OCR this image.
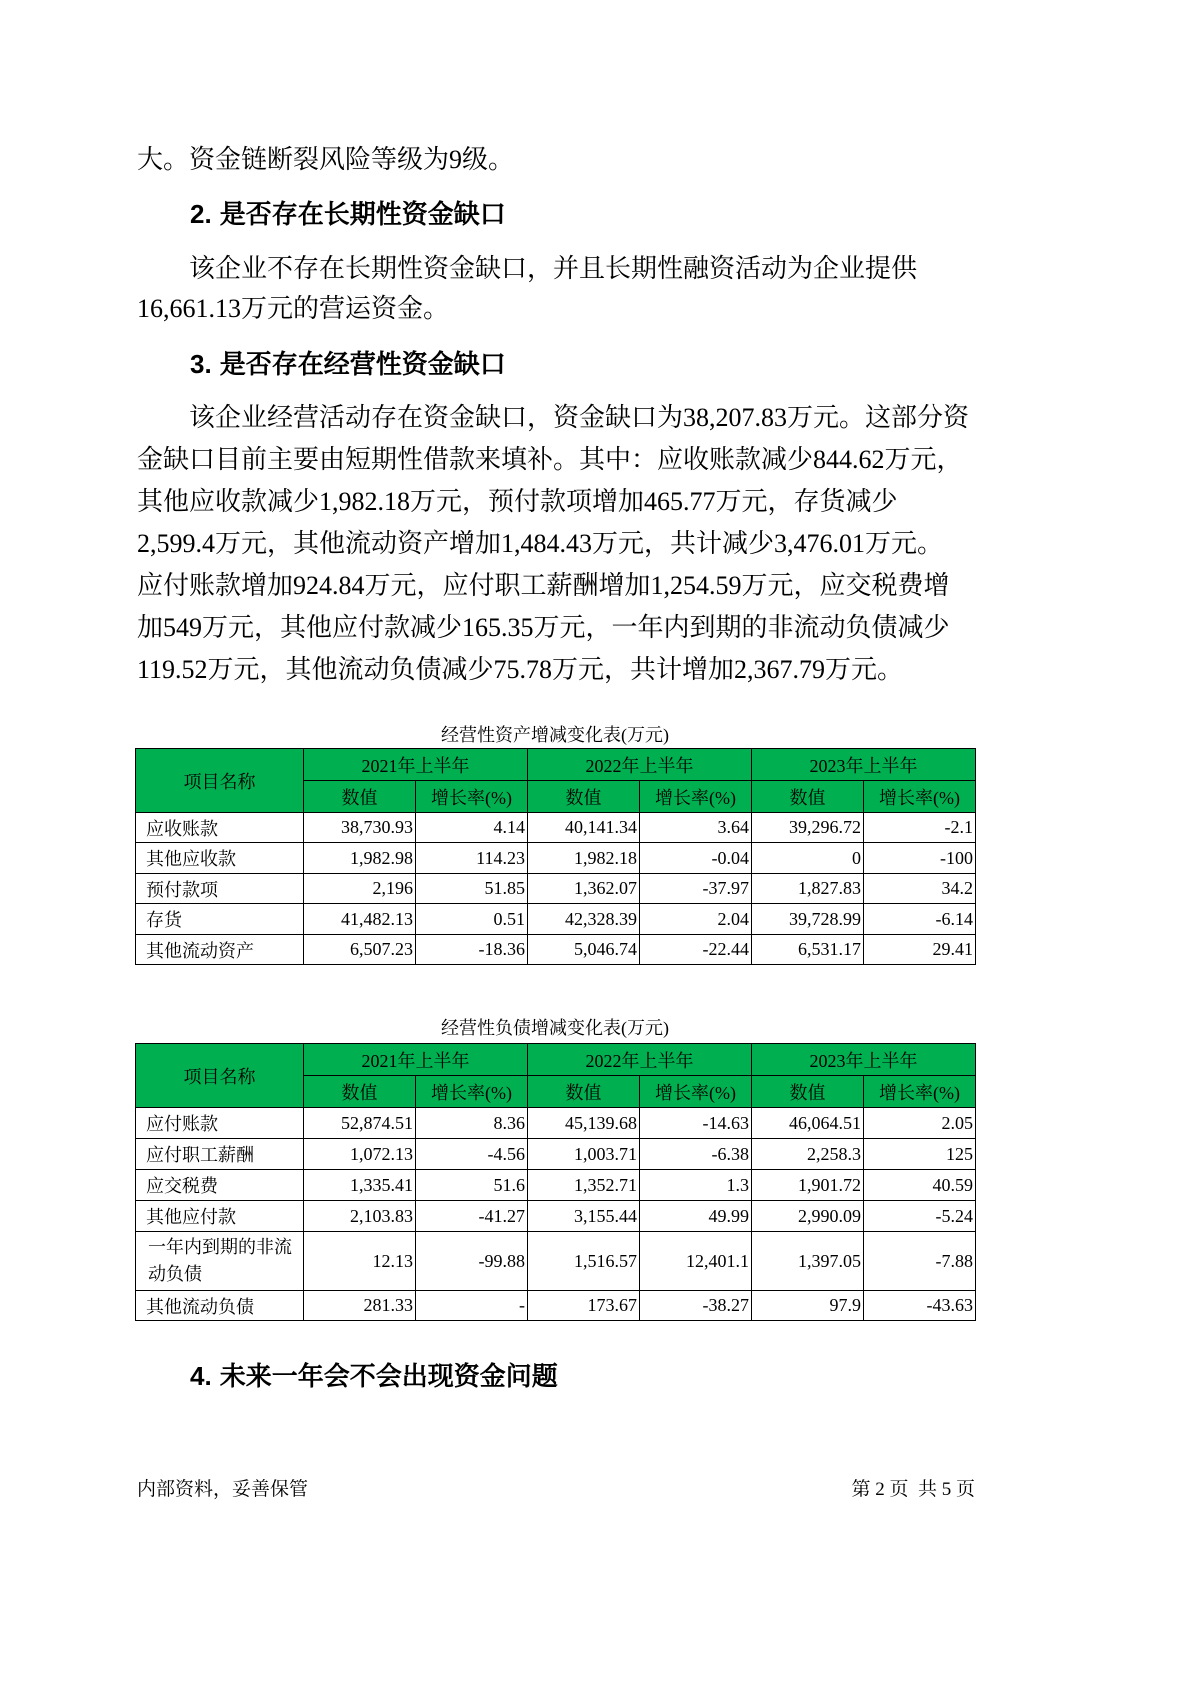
大。资金链断裂风险等级为9级。
2. 是否存在长期性资金缺口
该企业不存在长期性资金缺口，并且长期性融资活动为企业提供
16,661.13万元的营运资金。
3. 是否存在经营性资金缺口
该企业经营活动存在资金缺口，资金缺口为38,207.83万元。这部分资
金缺口目前主要由短期性借款来填补。其中：应收账款减少844.62万元，
其他应收款减少1,982.18万元，预付款项增加465.77万元，存货减少
2,599.4万元，其他流动资产增加1,484.43万元，共计减少3,476.01万元。
应付账款增加924.84万元，应付职工薪酬增加1,254.59万元，应交税费增
加549万元，其他应付款减少165.35万元，一年内到期的非流动负债减少
119.52万元，其他流动负债减少75.78万元，共计增加2,367.79万元。
经营性资产增减变化表(万元)
项目名称	2021年上半年		2022年上半年		2023年上半年	
	数值	增长率(%)	数值	增长率(%)	数值	增长率(%)
应收账款	38,730.93	4.14	40,141.34	3.64	39,296.72	-2.1
其他应收款	1,982.98	114.23	1,982.18	-0.04	0	-100
预付款项	2,196	51.85	1,362.07	-37.97	1,827.83	34.2
存货	41,482.13	0.51	42,328.39	2.04	39,728.99	-6.14
其他流动资产	6,507.23	-18.36	5,046.74	-22.44	6,531.17	29.41
经营性负债增减变化表(万元)
项目名称	2021年上半年		2022年上半年		2023年上半年	
	数值	增长率(%)	数值	增长率(%)	数值	增长率(%)
应付账款	52,874.51	8.36	45,139.68	-14.63	46,064.51	2.05
应付职工薪酬	1,072.13	-4.56	1,003.71	-6.38	2,258.3	125
应交税费	1,335.41	51.6	1,352.71	1.3	1,901.72	40.59
其他应付款	2,103.83	-41.27	3,155.44	49.99	2,990.09	-5.24
一年内到期的非流动负债	12.13	-99.88	1,516.57	12,401.1	1,397.05	-7.88
其他流动负债	281.33	-	173.67	-38.27	97.9	-43.63
4. 未来一年会不会出现资金问题
内部资料，妥善保管	第 2 页  共 5 页
